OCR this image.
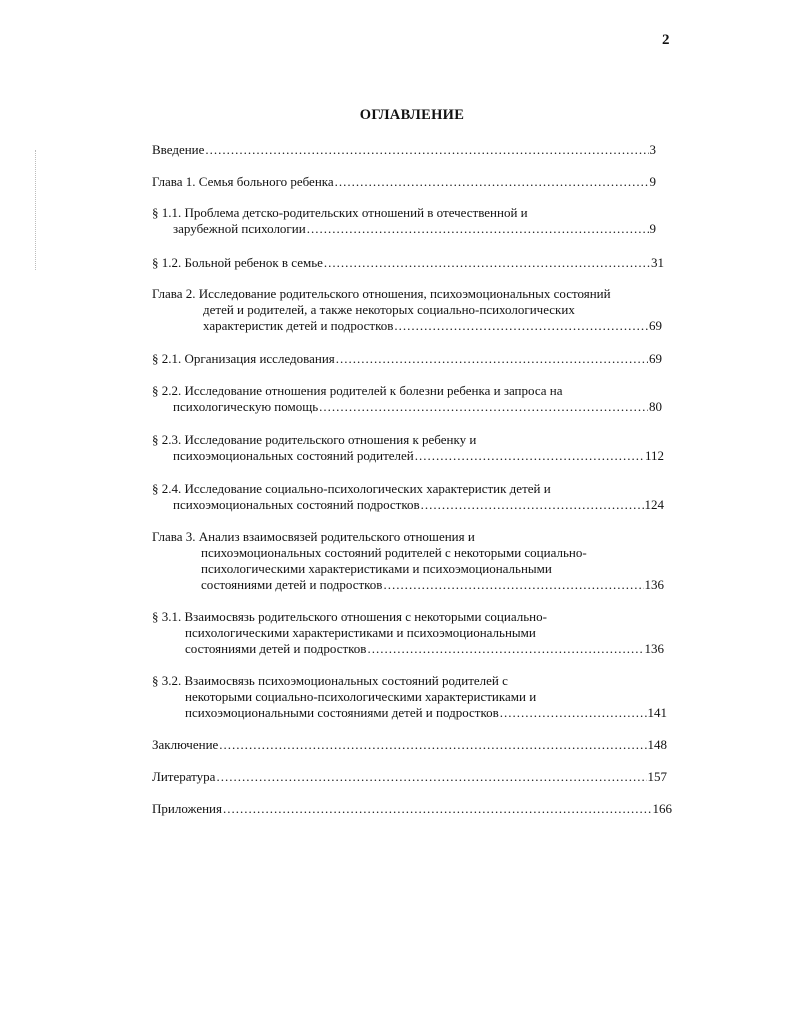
2
ОГЛАВЛЕНИЕ
Введение .....	3
Глава 1. Семья больного ребенка .....	9
§ 1.1. Проблема детско-родительских отношений в отечественной и
зарубежной психологии .....	9
§ 1.2. Больной ребенок в семье .....	31
Глава 2. Исследование родительского отношения, психоэмоциональных состояний
детей и родителей, а также некоторых социально-психологических
характеристик детей и подростков .....	69
§ 2.1. Организация исследования .....	69
§ 2.2. Исследование отношения родителей к болезни ребенка и запроса на
психологическую помощь .....	80
§ 2.3. Исследование родительского отношения к ребенку и
психоэмоциональных состояний родителей .....	112
§ 2.4. Исследование социально-психологических характеристик детей и
психоэмоциональных состояний подростков .....	124
Глава 3. Анализ взаимосвязей родительского отношения и
психоэмоциональных состояний родителей с некоторыми социально-
психологическими характеристиками и психоэмоциональными
состояниями детей и подростков .....	136
§ 3.1. Взаимосвязь родительского отношения с некоторыми социально-
психологическими характеристиками и психоэмоциональными
состояниями детей и подростков .....	136
§ 3.2. Взаимосвязь психоэмоциональных состояний родителей с
некоторыми социально-психологическими характеристиками и
психоэмоциональными состояниями детей и подростков .....	141
Заключение .....	148
Литература .....	157
Приложения .....	166
